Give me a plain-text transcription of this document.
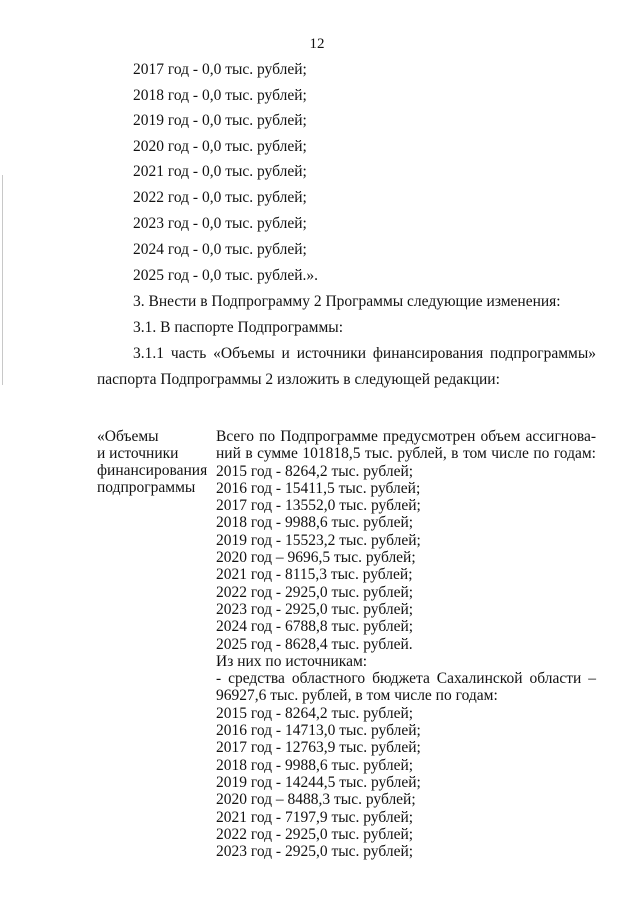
12
2017 год - 0,0 тыс. рублей;
2018 год - 0,0 тыс. рублей;
2019 год - 0,0 тыс. рублей;
2020 год - 0,0 тыс. рублей;
2021 год - 0,0 тыс. рублей;
2022 год - 0,0 тыс. рублей;
2023 год - 0,0 тыс. рублей;
2024 год - 0,0 тыс. рублей;
2025 год - 0,0 тыс. рублей.».
3. Внести в Подпрограмму 2 Программы следующие изменения:
3.1. В паспорте Подпрограммы:
3.1.1 часть «Объемы и источники финансирования подпрограммы»
паспорта Подпрограммы 2 изложить в следующей редакции:
«Объемы
и источники
финансирования
подпрограммы
Всего по Подпрограмме предусмотрен объем ассигнова-
ний в сумме 101818,5 тыс. рублей, в том числе по годам:
2015 год - 8264,2 тыс. рублей;
2016 год - 15411,5 тыс. рублей;
2017 год - 13552,0 тыс. рублей;
2018 год - 9988,6 тыс. рублей;
2019 год - 15523,2 тыс. рублей;
2020 год – 9696,5 тыс. рублей;
2021 год - 8115,3 тыс. рублей;
2022 год - 2925,0 тыс. рублей;
2023 год - 2925,0 тыс. рублей;
2024 год - 6788,8 тыс. рублей;
2025 год - 8628,4 тыс. рублей.
Из них по источникам:
- средства областного бюджета Сахалинской области –
96927,6 тыс. рублей, в том числе по годам:
2015 год - 8264,2 тыс. рублей;
2016 год - 14713,0 тыс. рублей;
2017 год - 12763,9 тыс. рублей;
2018 год - 9988,6 тыс. рублей;
2019 год - 14244,5 тыс. рублей;
2020 год – 8488,3 тыс. рублей;
2021 год - 7197,9 тыс. рублей;
2022 год - 2925,0 тыс. рублей;
2023 год - 2925,0 тыс. рублей;
